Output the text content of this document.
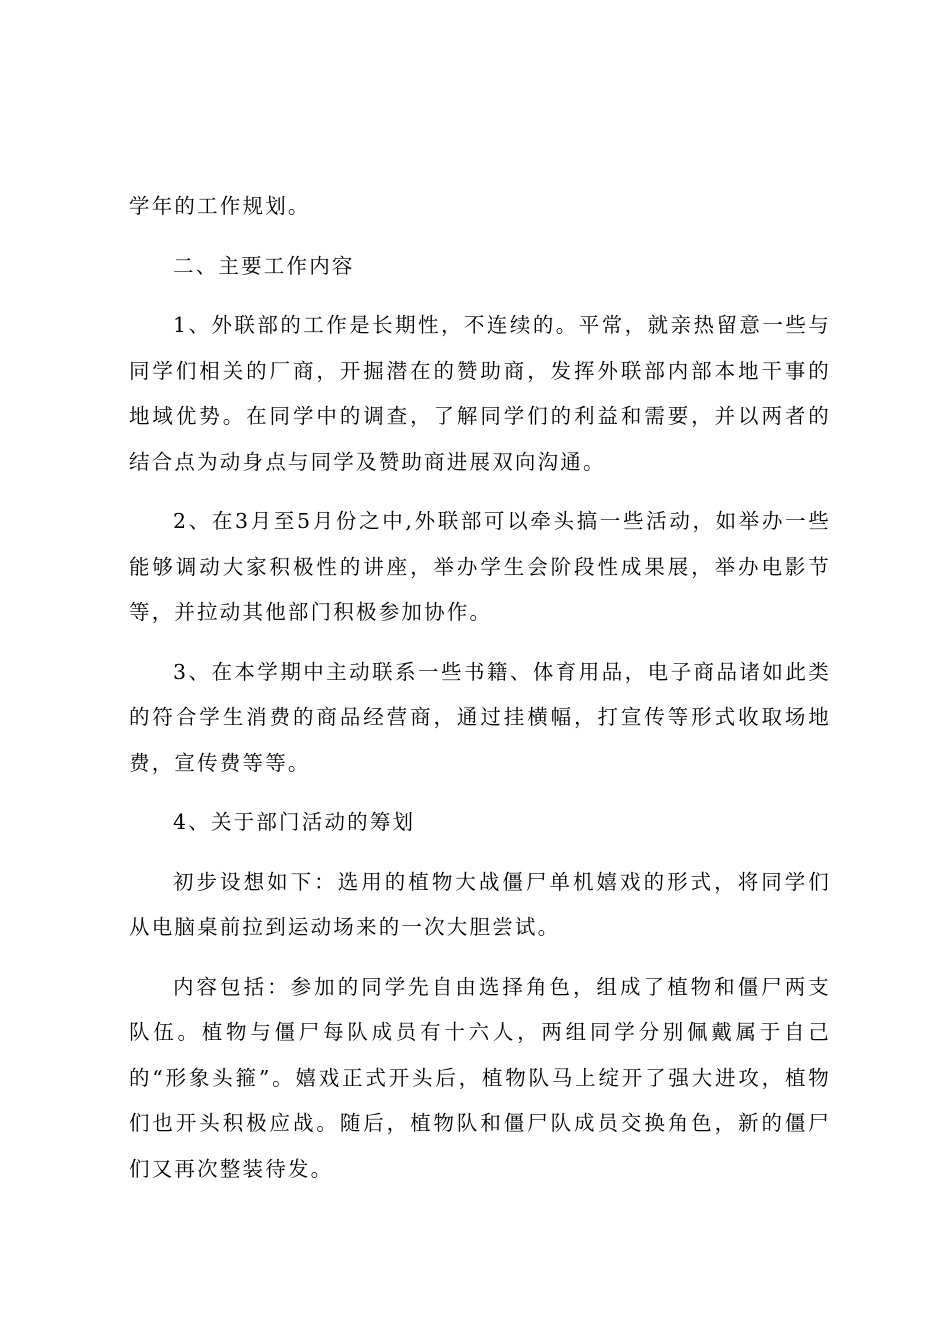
学年的工作规划。

二、主要工作内容

1、外联部的工作是长期性，不连续的。平常，就亲热留意一些与同学们相关的厂商，开掘潜在的赞助商，发挥外联部内部本地干事的地域优势。在同学中的调查，了解同学们的利益和需要，并以两者的结合点为动身点与同学及赞助商进展双向沟通。

2、在3月至5月份之中,外联部可以牵头搞一些活动，如举办一些能够调动大家积极性的讲座，举办学生会阶段性成果展，举办电影节等，并拉动其他部门积极参加协作。

3、在本学期中主动联系一些书籍、体育用品，电子商品诸如此类的符合学生消费的商品经营商，通过挂横幅，打宣传等形式收取场地费，宣传费等等。

4、关于部门活动的筹划

初步设想如下：选用的植物大战僵尸单机嬉戏的形式，将同学们从电脑桌前拉到运动场来的一次大胆尝试。

内容包括：参加的同学先自由选择角色，组成了植物和僵尸两支队伍。植物与僵尸每队成员有十六人，两组同学分别佩戴属于自己的“形象头箍”。嬉戏正式开头后，植物队马上绽开了强大进攻，植物们也开头积极应战。随后，植物队和僵尸队成员交换角色，新的僵尸们又再次整装待发。
